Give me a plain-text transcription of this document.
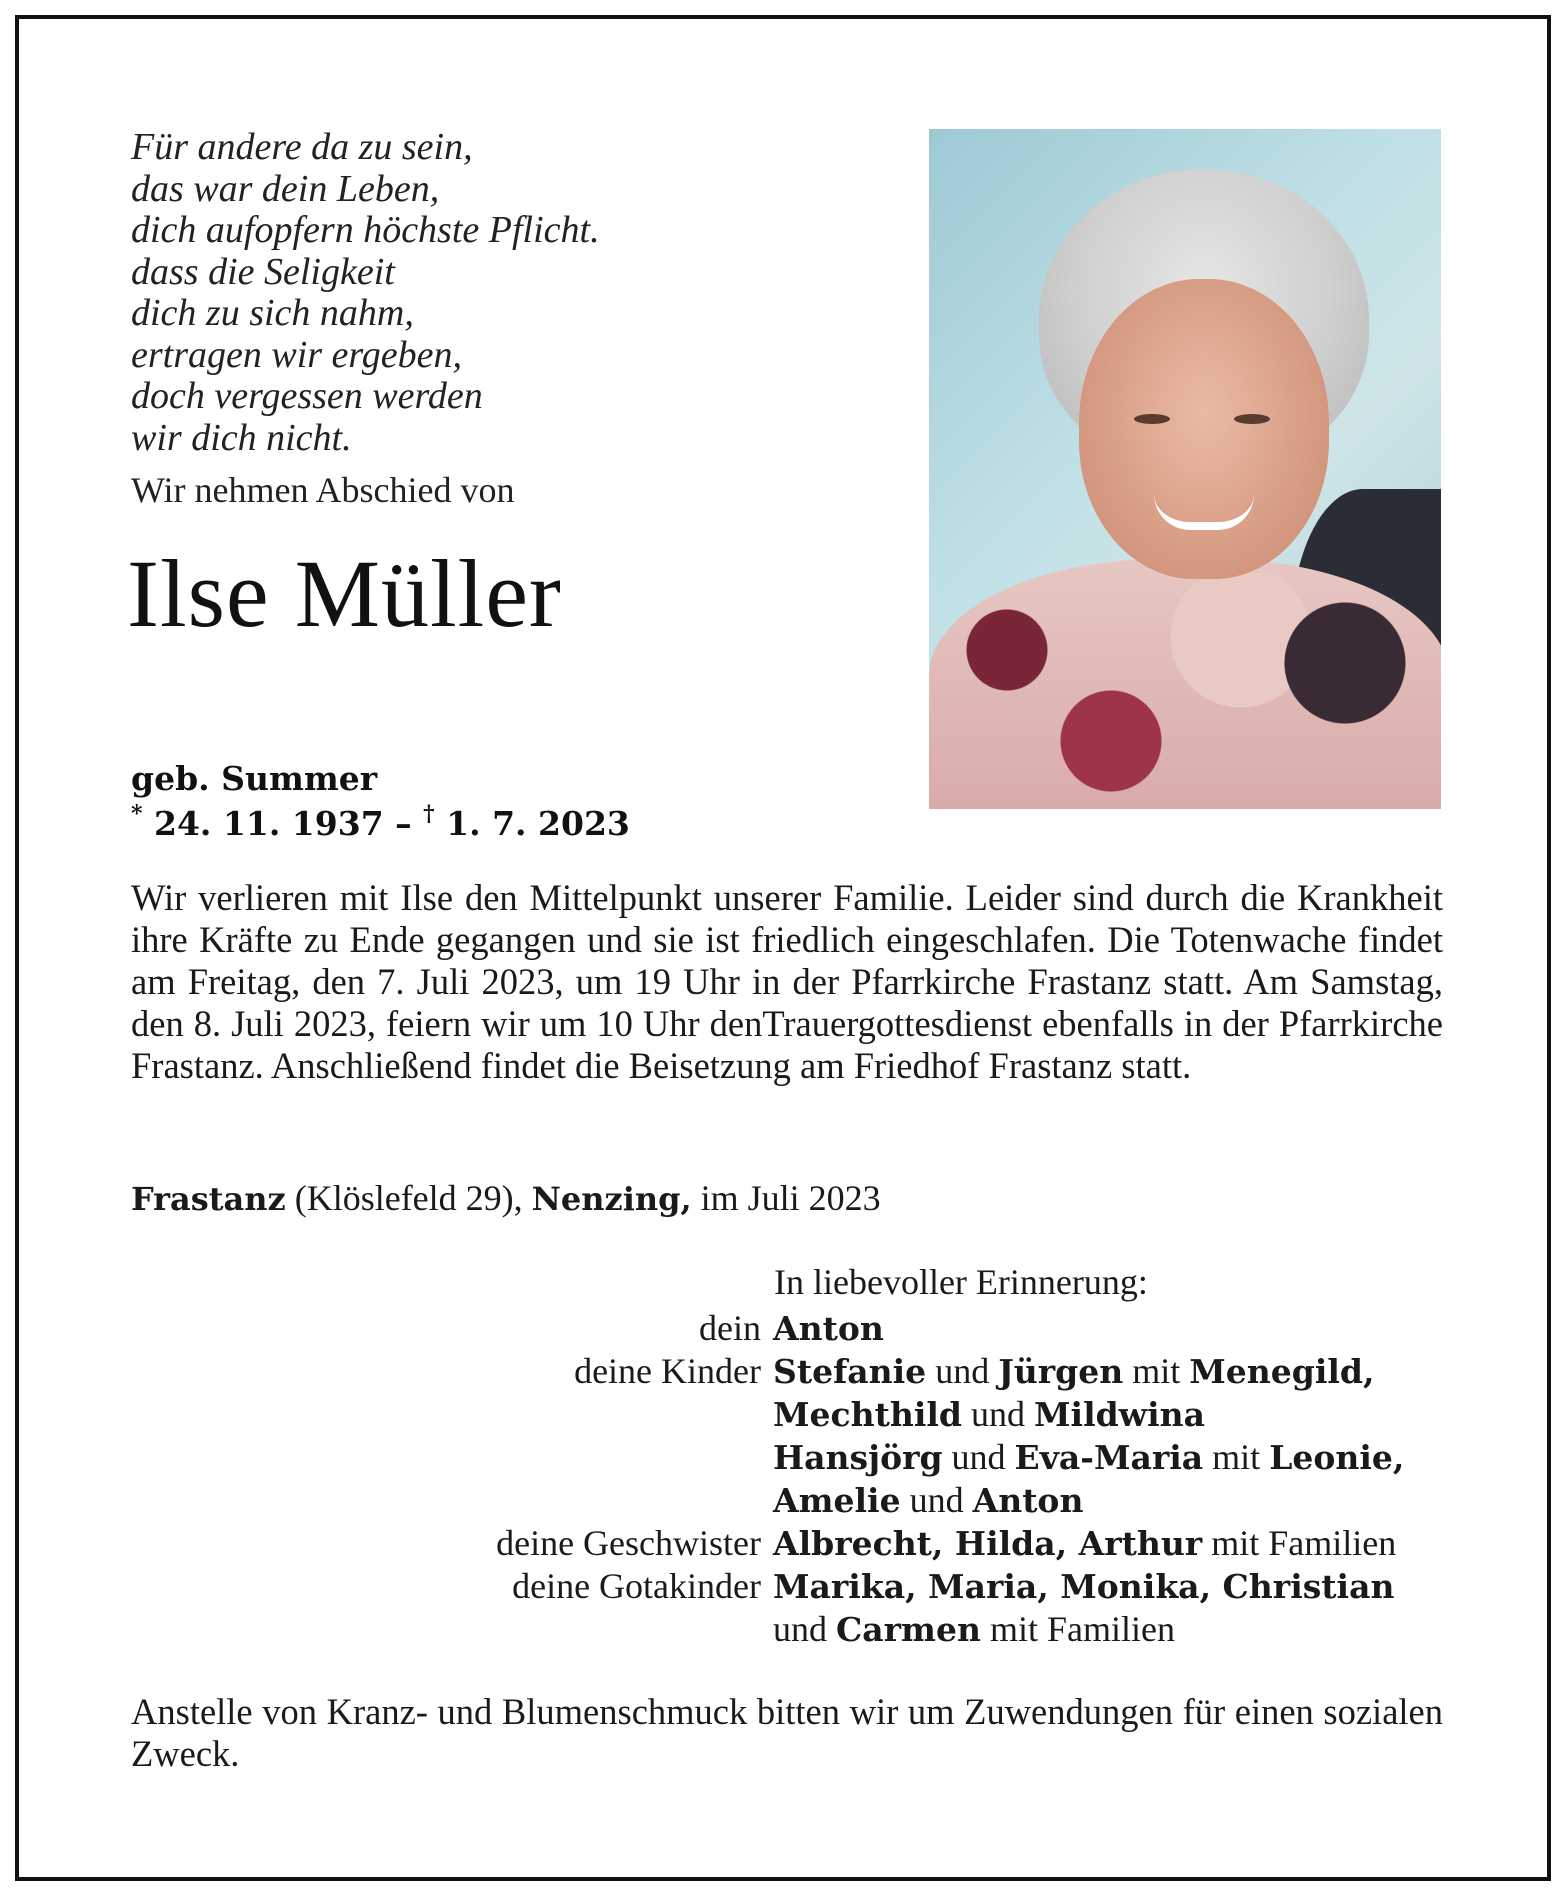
Für andere da zu sein,
das war dein Leben,
dich aufopfern höchste Pflicht.
dass die Seligkeit
dich zu sich nahm,
ertragen wir ergeben,
doch vergessen werden
wir dich nicht.
Wir nehmen Abschied von
Ilse Müller
geb. Summer
* 24. 11. 1937 – † 1. 7. 2023
Wir verlieren mit Ilse den Mittelpunkt unserer Familie. Leider sind durch die Krankheit ihre Kräfte zu Ende gegangen und sie ist friedlich eingeschlafen. Die Totenwache findet am Freitag, den 7. Juli 2023, um 19 Uhr in der Pfarrkirche Frastanz statt. Am Samstag, den 8. Juli 2023, feiern wir um 10 Uhr denTrauergottesdienst ebenfalls in der Pfarrkirche Frastanz. Anschließend findet die Beisetzung am Friedhof Frastanz statt.
Frastanz (Klöslefeld 29), Nenzing, im Juli 2023
In liebevoller Erinnerung:
dein Anton
deine Kinder Stefanie und Jürgen mit Menegild,
Mechthild und Mildwina
Hansjörg und Eva-Maria mit Leonie,
Amelie und Anton
deine Geschwister Albrecht, Hilda, Arthur mit Familien
deine Gotakinder Marika, Maria, Monika, Christian
und Carmen mit Familien
Anstelle von Kranz- und Blumenschmuck bitten wir um Zuwendungen für einen sozialen Zweck.
